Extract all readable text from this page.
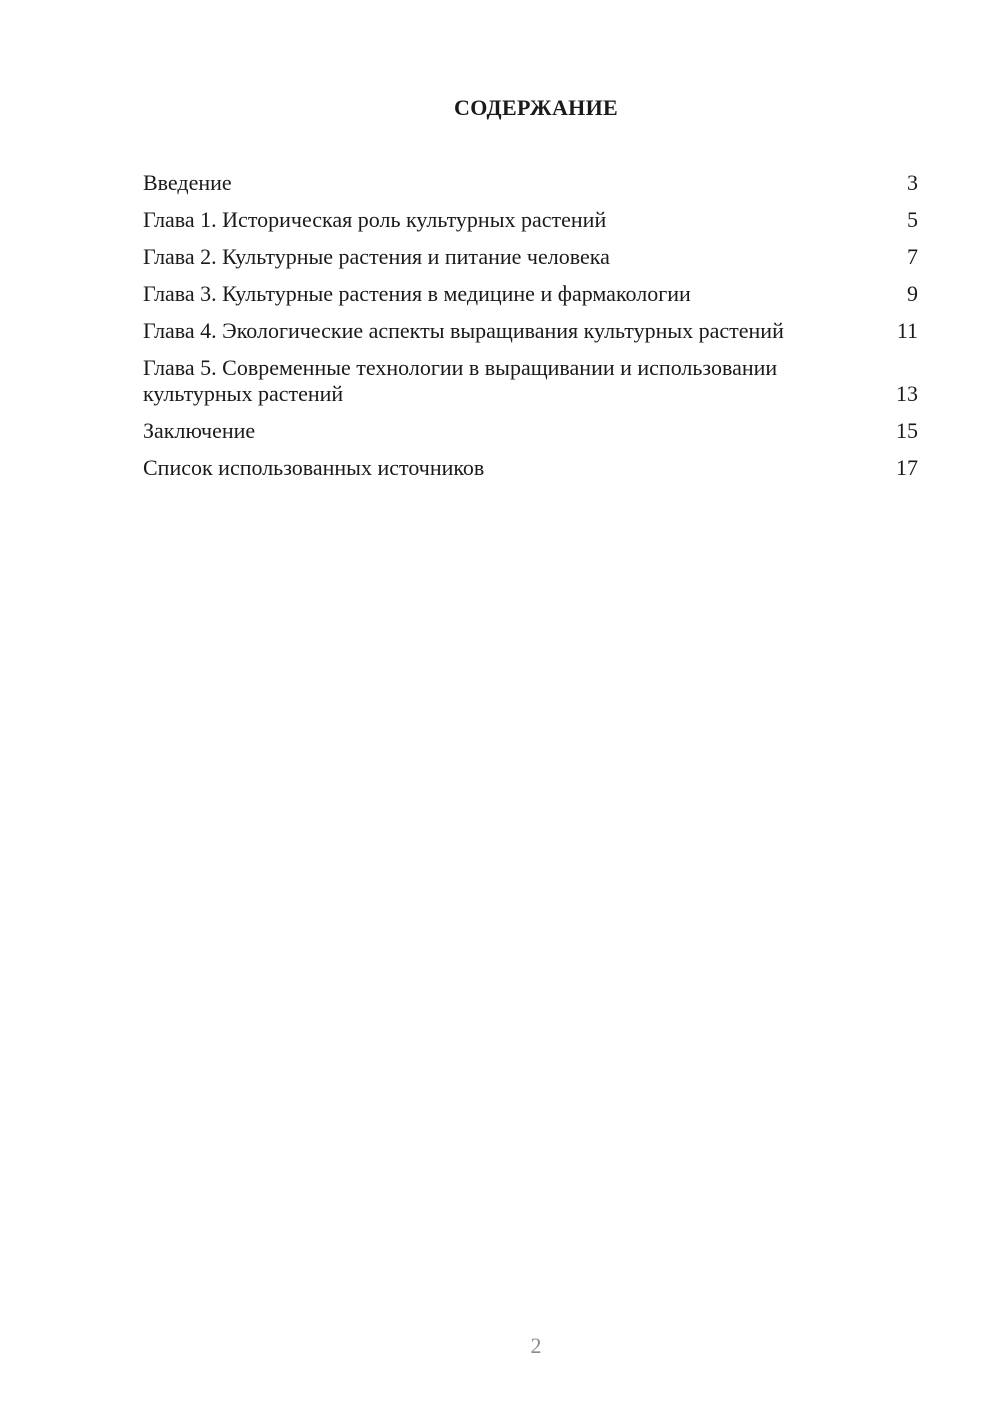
СОДЕРЖАНИЕ
Введение	3
Глава 1. Историческая роль культурных растений	5
Глава 2. Культурные растения и питание человека	7
Глава 3. Культурные растения в медицине и фармакологии	9
Глава 4. Экологические аспекты выращивания культурных растений	11
Глава 5. Современные технологии в выращивании и использовании культурных растений	13
Заключение	15
Список использованных источников	17
2
